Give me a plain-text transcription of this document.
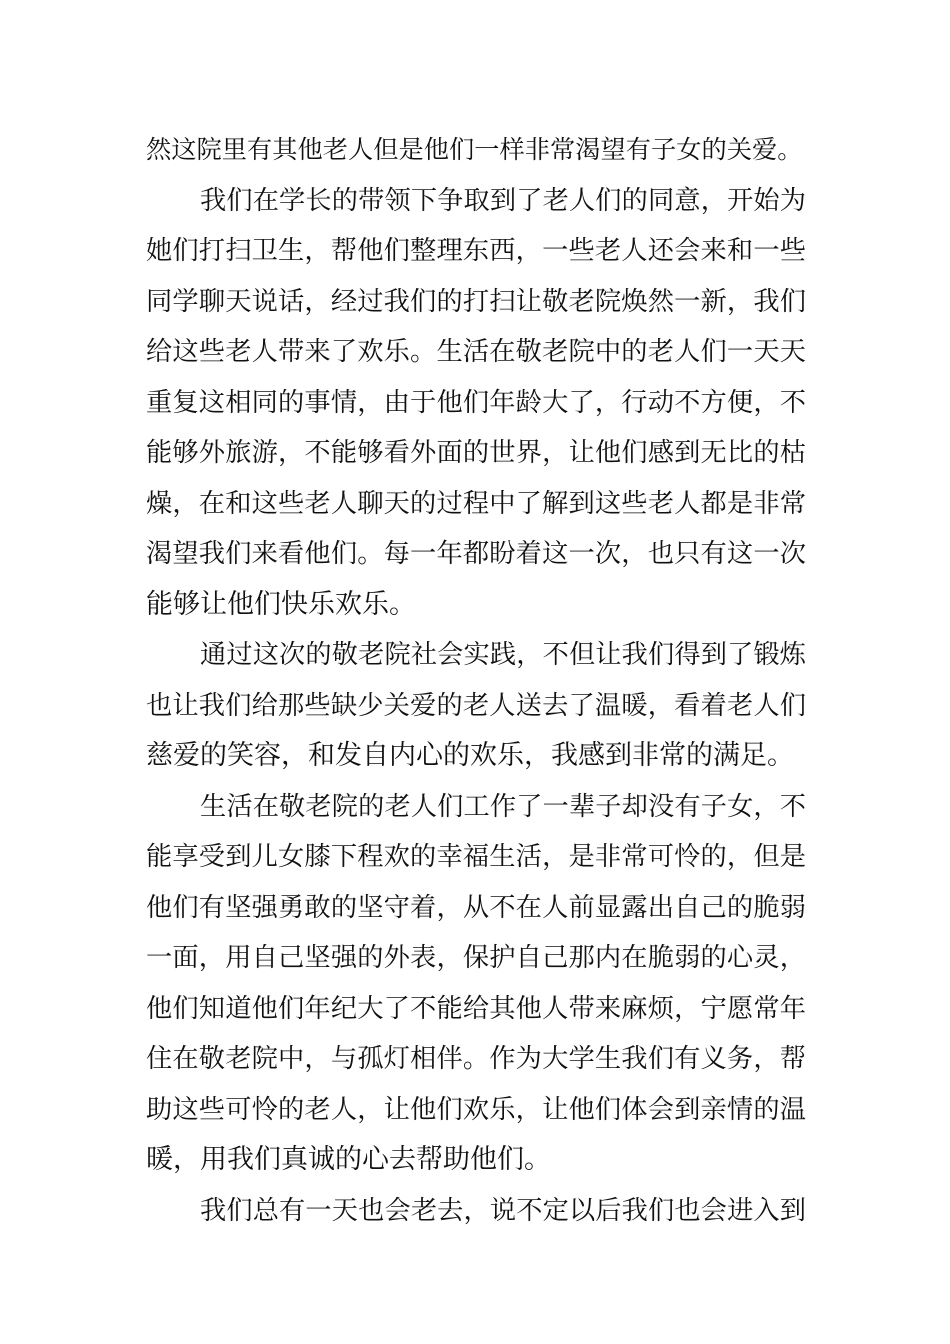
然这院里有其他老人但是他们一样非常渴望有子女的关爱。
我们在学长的带领下争取到了老人们的同意，开始为
她们打扫卫生，帮他们整理东西，一些老人还会来和一些
同学聊天说话，经过我们的打扫让敬老院焕然一新，我们
给这些老人带来了欢乐。生活在敬老院中的老人们一天天
重复这相同的事情，由于他们年龄大了，行动不方便，不
能够外旅游，不能够看外面的世界，让他们感到无比的枯
燥，在和这些老人聊天的过程中了解到这些老人都是非常
渴望我们来看他们。每一年都盼着这一次，也只有这一次
能够让他们快乐欢乐。
通过这次的敬老院社会实践，不但让我们得到了锻炼
也让我们给那些缺少关爱的老人送去了温暖，看着老人们
慈爱的笑容，和发自内心的欢乐，我感到非常的满足。
生活在敬老院的老人们工作了一辈子却没有子女，不
能享受到儿女膝下程欢的幸福生活，是非常可怜的，但是
他们有坚强勇敢的坚守着，从不在人前显露出自己的脆弱
一面，用自己坚强的外表，保护自己那内在脆弱的心灵，
他们知道他们年纪大了不能给其他人带来麻烦，宁愿常年
住在敬老院中，与孤灯相伴。作为大学生我们有义务，帮
助这些可怜的老人，让他们欢乐，让他们体会到亲情的温
暖，用我们真诚的心去帮助他们。
我们总有一天也会老去，说不定以后我们也会进入到
